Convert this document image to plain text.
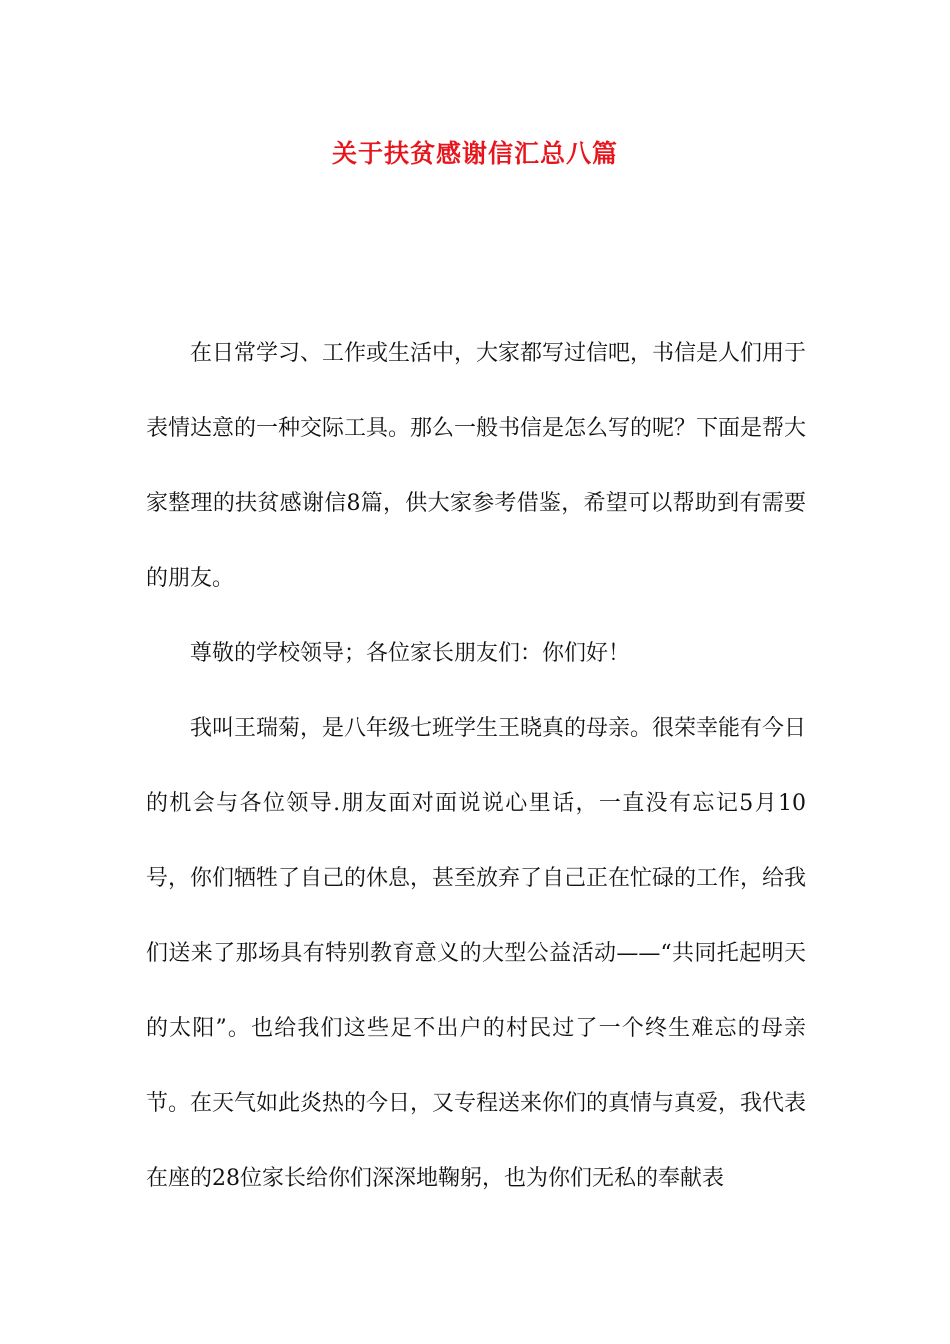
关于扶贫感谢信汇总八篇

在日常学习、工作或生活中，大家都写过信吧，书信是人们用于表情达意的一种交际工具。那么一般书信是怎么写的呢？下面是帮大家整理的扶贫感谢信8篇，供大家参考借鉴，希望可以帮助到有需要的朋友。

尊敬的学校领导；各位家长朋友们：你们好！

我叫王瑞菊，是八年级七班学生王晓真的母亲。很荣幸能有今日的机会与各位领导.朋友面对面说说心里话，一直没有忘记5月10号，你们牺牲了自己的休息，甚至放弃了自己正在忙碌的工作，给我们送来了那场具有特别教育意义的大型公益活动——“共同托起明天的太阳”。也给我们这些足不出户的村民过了一个终生难忘的母亲节。在天气如此炎热的今日，又专程送来你们的真情与真爱，我代表在座的28位家长给你们深深地鞠躬，也为你们无私的奉献表
